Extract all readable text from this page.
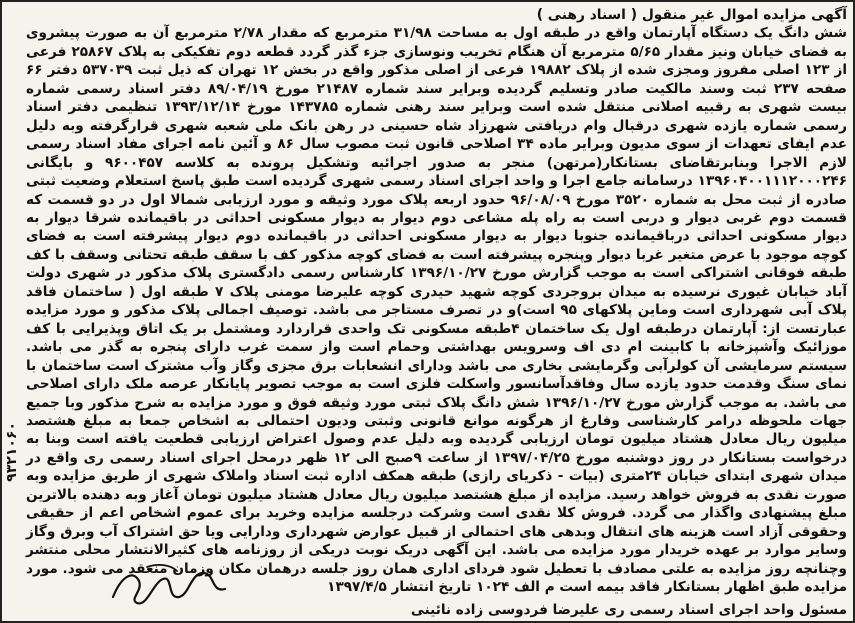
آگهی مزایده اموال غیر منقول ( اسناد رهنی )
شش دانگ یک دستگاه آپارتمان واقع در طبقه اول به مساحت ۳۱/۹۸ مترمربع که مقدار ۲/۷۸ مترمربع آن به صورت پیشروی به فضای خیابان ونیز مقدار ۵/۶۵ مترمربع آن هنگام تخریب ونوسازی جزء گذر گردد قطعه دوم تفکیکی به پلاک ۲۵۸۶۷ فرعی از ۱۲۳ اصلی مفروز ومجزی شده از پلاک ۱۹۸۸۲ فرعی از اصلی مذکور واقع در بخش ۱۲ تهران که ذیل ثبت ۵۳۷۰۳۹ دفتر ۶۶ صفحه ۲۳۷ ثبت وسند مالکیت صادر وتسلیم گردیده وبراير سند شماره ۲۱۴۸۷ مورخ ۸۹/۰۴/۱۹ دفتر اسناد رسمی شماره بیست شهری به رقبیه اصلانی منتقل شده است وبراير سند رهنی شماره ۱۴۳۷۸۵ مورخ ۱۳۹۳/۱۲/۱۴ تنظیمی دفتر اسناد رسمی شماره یازده شهری درقبال وام دریافتی شهرزاد شاه حسینی در رهن بانک ملی شعبه شهری قرارگرفته وبه دلیل عدم ایفای تعهدات از سوی مدیون وبراير ماده ۳۴ اصلاحی قانون ثبت مصوب سال ۸۶ و آئین نامه اجرای مفاد اسناد رسمی لازم الاجرا وبنابرتقاضای بستانکار(مرتهن) منجر به صدور اجرائیه وتشکیل پرونده به کلاسه ۹۶۰۰۴۵۷ و بایگانی ۱۳۹۶۰۴۰۰۱۱۱۲۰۰۰۲۴۶ درسامانه جامع اجرا و واحد اجرای اسناد رسمی شهری گردیده است طبق پاسخ استعلام وضعیت ثبتی صادره از ثبت محل به شماره ۳۵۲۰ مورخ ۹۶/۰۸/۰۹ حدود اربعه پلاک مورد وثیقه و مورد ارزیابی شمالا اول در دو قسمت که قسمت دوم غربی دیوار و دربی است به راه پله مشاعی دوم دیوار به دیوار مسکونی احداثی در باقیمانده شرقا دیوار به دیوار مسکونی احداثی درباقیمانده جنوبا دیوار به دیوار مسکونی احداثی در باقیمانده دوم دیوار پیشرفته است به فضای کوچه موجود با عرض متغیر غربا دیوار وپنجره پیشرفته است به فضای کوچه مذکور کف با سقف طبقه تحتانی وسقف با کف طبقه فوقانی اشتراکی است به موجب گزارش مورخ ۱۳۹۶/۱۰/۲۷ کارشناس رسمی دادگستری پلاک مذکور در شهری دولت آباد خیابان غیوری نرسیده به میدان بروجردی کوچه شهید حیدری کوچه علیرضا مومنی پلاک ۷ طبقه اول ( ساختمان فاقد پلاک آبی شهرداری است وماین پلاکهای ۹۵ است)و در تصرف مستاجر می باشد. توصیف اجمالی پلاک مذکور و مورد مزایده عبارتست از: آپارتمان درطبقه اول یک ساختمان ۴طبقه مسکونی تک واحدی قراردارد ومشتمل بر یک اتاق وپذیرایی با کف موزائیک وآشپزخانه با کابینت ام دی اف وسرویس بهداشتی وحمام است واز سمت غرب دارای پنجره به گذر می باشد. سیستم سرمایشی آن کولرآبی وگرمایشی بخاری می باشد ودارای انشعابات برق مجزی وگاز وآب مشترک است ساختمان با نمای سنگ وقدمت حدود یازده سال وفاقدآسانسور واسکلت فلزی است به موجب تصویر پایانکار عرصه ملک دارای اصلاحی می باشد. به موجب گزارش مورخ ۱۳۹۶/۱۰/۲۷ شش دانگ پلاک ثبتی مورد وثیقه فوق و مورد مزایده به شرح مذکور وبا جمیع جهات ملحوظه درامر کارشناسی وفارغ از هرگونه موانع قانونی وثبتی ودیون احتمالی به اشخاص جمعا به مبلغ هشتصد میلیون ریال معادل هشتاد میلیون تومان ارزیابی گردیده وبه دلیل عدم وصول اعتراض ارزیابی قطعیت یافته است وبنا به درخواست بستانکار در روز دوشنبه مورخ ۱۳۹۷/۰۴/۲۵ از ساعت ۹صبح الی ۱۲ ظهر درمحل اجرای اسناد رسمی ری واقع در میدان شهری ابتدای خیابان ۲۴متری (بیات - ذکریای رازی) طبقه همکف اداره ثبت اسناد واملاک شهری از طریق مزایده وبه صورت نقدی به فروش خواهد رسید. مزایده از مبلغ هشتصد میلیون ریال معادل هشتاد میلیون تومان آغاز وبه دهنده بالاترین مبلغ پیشنهادی واگذار می گردد. فروش کلا نقدی است وشرکت درجلسه مزایده وخرید برای عموم اشخاص اعم از حقیقی وحقوقی آزاد است هزینه های انتقال وبدهی های احتمالی از قبیل عوارض شهرداری ودارایی ویا حق اشتراک آب وبرق وگاز وسایر موارد بر عهده خریدار مورد مزایده می باشد. این آگهی دریک نوبت دریکی از روزنامه های کثیرالانتشار محلی منتشر وچنانچه روز مزایده به علتی مصادف با تعطیل شود فردای اداری همان روز جلسه درهمان مکان وزمان منعقد می شود. مورد مزایده طبق اظهار بستانکار فاقد بیمه است م الف ۱۰۲۴ تاریخ انتشار ۱۳۹۷/۴/۵
مسئول واحد اجرای اسناد رسمی ری علیرضا فردوسی زاده نائینی
۹۳۲۱۰۶۰
